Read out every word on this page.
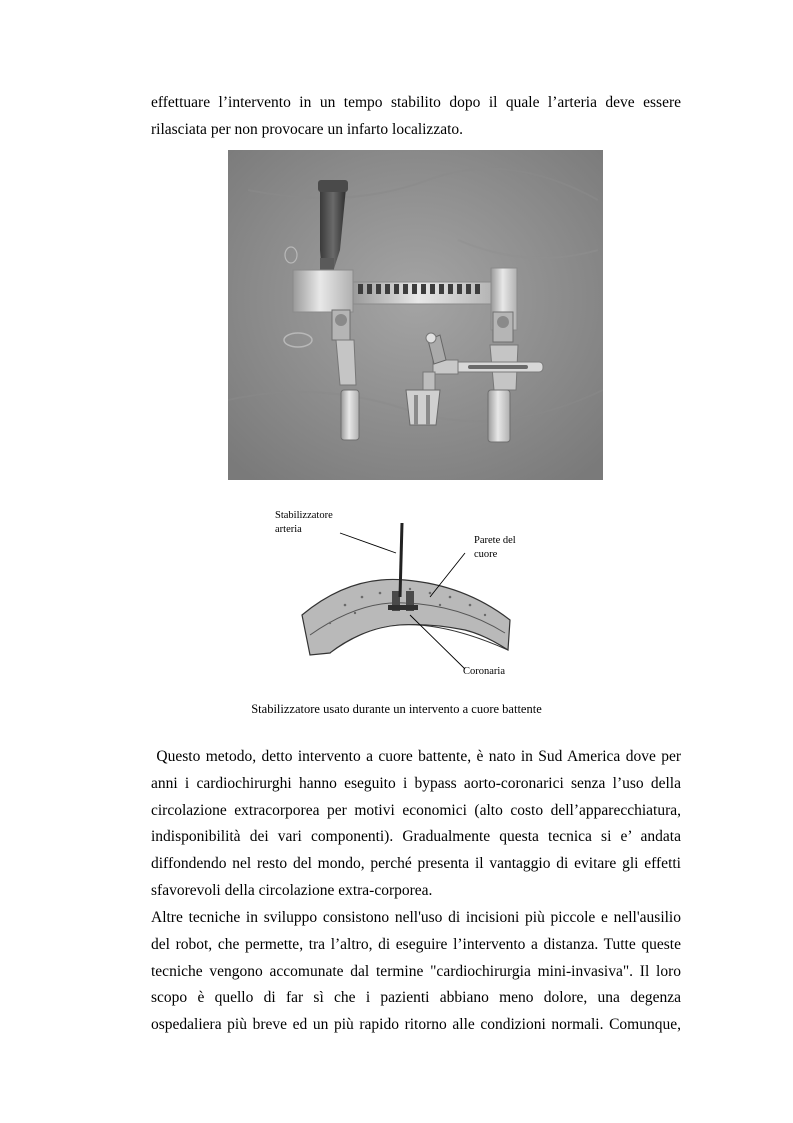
effettuare l’intervento in un tempo stabilito dopo il quale l’arteria deve essere
rilasciata per non provocare un infarto localizzato.

Stabilizzatore
arteria
Parete del
cuore
Coronaria
Stabilizzatore usato durante un intervento a cuore battente

Questo metodo, detto intervento a cuore battente, è nato in Sud America dove per
anni i cardiochirurghi hanno eseguito i bypass aorto-coronarici senza l’uso della
circolazione extracorporea per motivi economici (alto costo dell’apparecchiatura,
indisponibilità dei vari componenti). Gradualmente questa tecnica si e’ andata
diffondendo nel resto del mondo, perché presenta il vantaggio di evitare gli effetti
sfavorevoli della circolazione extra-corporea.

Altre tecniche in sviluppo consistono nell'uso di incisioni più piccole e nell'ausilio
del robot, che permette, tra l’altro, di eseguire l’intervento a distanza. Tutte queste
tecniche vengono accomunate dal termine "cardiochirurgia mini-invasiva". Il loro
scopo è quello di far sì che i pazienti abbiano meno dolore, una degenza
ospedaliera più breve ed un più rapido ritorno alle condizioni normali. Comunque,
